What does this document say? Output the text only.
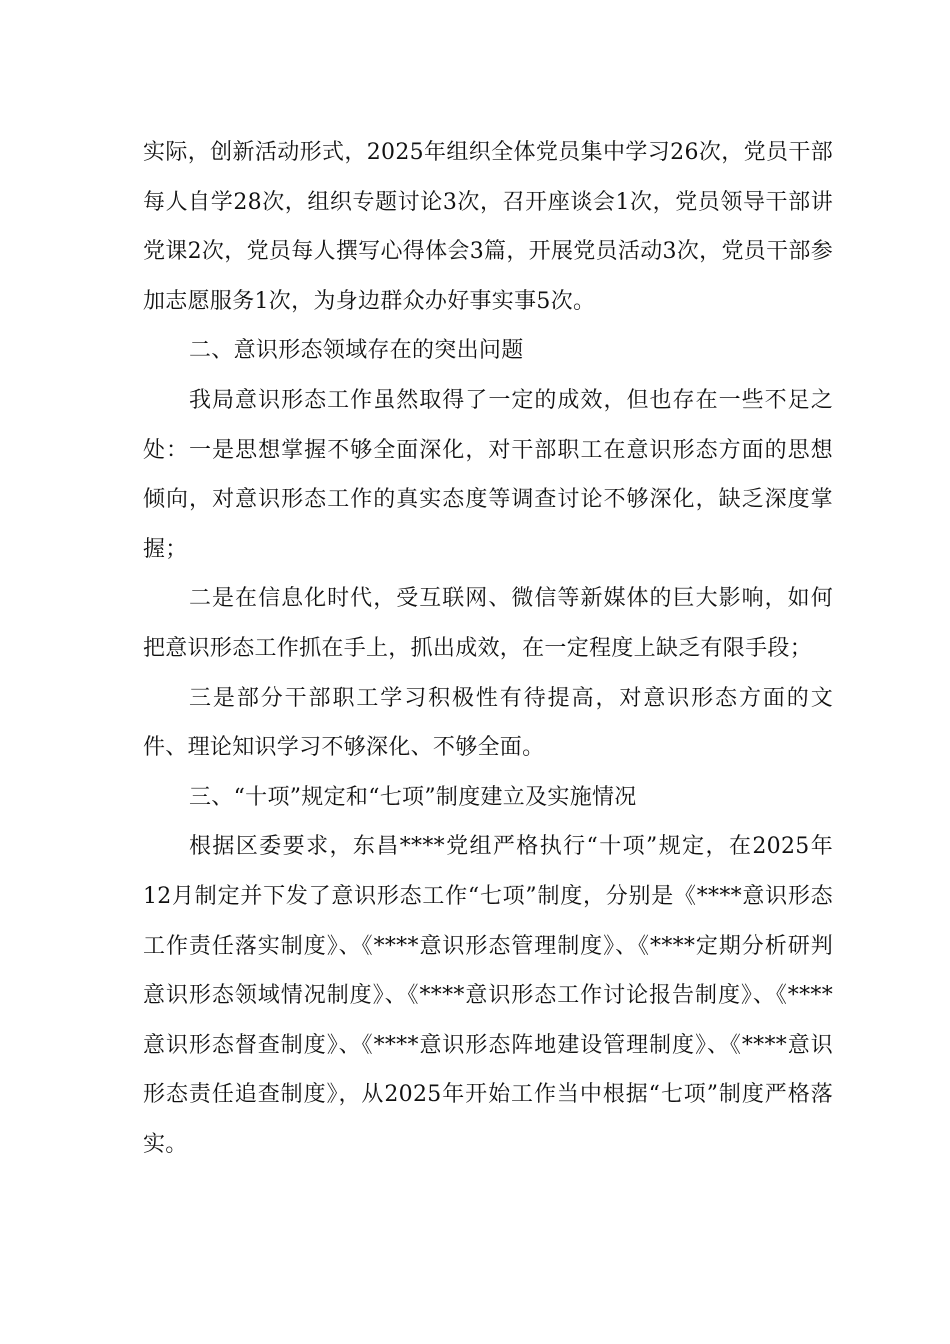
实际，创新活动形式，2025年组织全体党员集中学习26次，党员干部每人自学28次，组织专题讨论3次，召开座谈会1次，党员领导干部讲党课2次，党员每人撰写心得体会3篇，开展党员活动3次，党员干部参加志愿服务1次，为身边群众办好事实事5次。

二、意识形态领域存在的突出问题

我局意识形态工作虽然取得了一定的成效，但也存在一些不足之处：一是思想掌握不够全面深化，对干部职工在意识形态方面的思想倾向，对意识形态工作的真实态度等调查讨论不够深化，缺乏深度掌握；

二是在信息化时代，受互联网、微信等新媒体的巨大影响，如何把意识形态工作抓在手上，抓出成效，在一定程度上缺乏有限手段；

三是部分干部职工学习积极性有待提高，对意识形态方面的文件、理论知识学习不够深化、不够全面。

三、“十项”规定和“七项”制度建立及实施情况

根据区委要求，东昌****党组严格执行“十项”规定，在2025年12月制定并下发了意识形态工作“七项”制度，分别是《****意识形态工作责任落实制度》、《****意识形态管理制度》、《****定期分析研判意识形态领域情况制度》、《****意识形态工作讨论报告制度》、《****意识形态督查制度》、《****意识形态阵地建设管理制度》、《****意识形态责任追查制度》，从2025年开始工作当中根据“七项”制度严格落实。
